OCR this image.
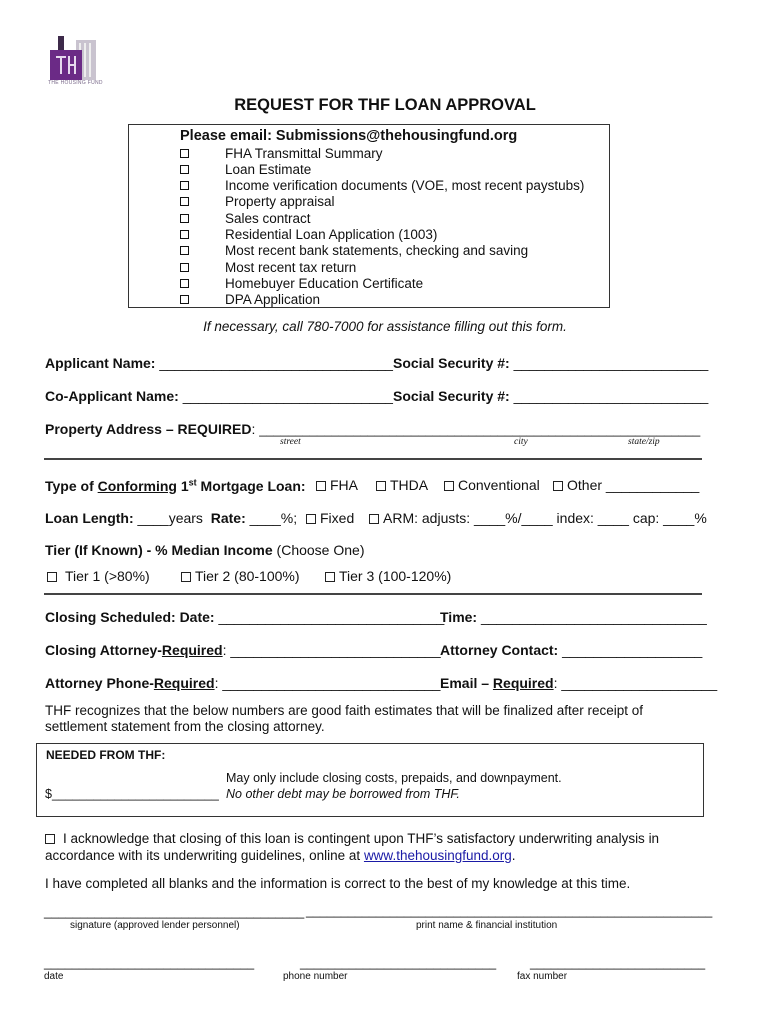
THE HOUSING FUND
REQUEST FOR THF LOAN APPROVAL
Please email: Submissions@thehousingfund.org
FHA Transmittal Summary
Loan Estimate
Income verification documents (VOE, most recent paystubs)
Property appraisal
Sales contract
Residential Loan Application (1003)
Most recent bank statements, checking and saving
Most recent tax return
Homebuyer Education Certificate
DPA Application
If necessary, call 780-7000 for assistance filling out this form.
Applicant Name: ______________________________ Social Security #: _________________________
Co-Applicant Name: ___________________________ Social Security #: _________________________
Property Address – REQUIRED: _____________________________________________________________
street	city	state/zip
Type of Conforming 1st Mortgage Loan:	FHA	THDA	Conventional	Other ____________
Loan Length: ____years Rate: ____%;	Fixed	ARM: adjusts: ____%/____ index: ____ cap: ____%
Tier (If Known) - % Median Income (Choose One)
Tier 1 (>80%)	Tier 2 (80-100%)	Tier 3 (100-120%)
Closing Scheduled: Date: _____________________________
Time: _____________________________
Closing Attorney-Required: ___________________________ Attorney Contact: __________________
Attorney Phone-Required: ____________________________ Email – Required: ____________________
THF recognizes that the below numbers are good faith estimates that will be finalized after receipt of
settlement statement from the closing attorney.
NEEDED FROM THF:
May only include closing costs, prepaids, and downpayment.
$________________________ No other debt may be borrowed from THF.
I acknowledge that closing of this loan is contingent upon THF’s satisfactory underwriting analysis in
accordance with its underwriting guidelines, online at www.thehousingfund.org.
I have completed all blanks and the information is correct to the best of my knowledge at this time.
____________________________________
signature (approved lender personnel)
__________________________________________________________
print name & financial institution
______________________________
date
____________________________
phone number
_________________________
fax number
